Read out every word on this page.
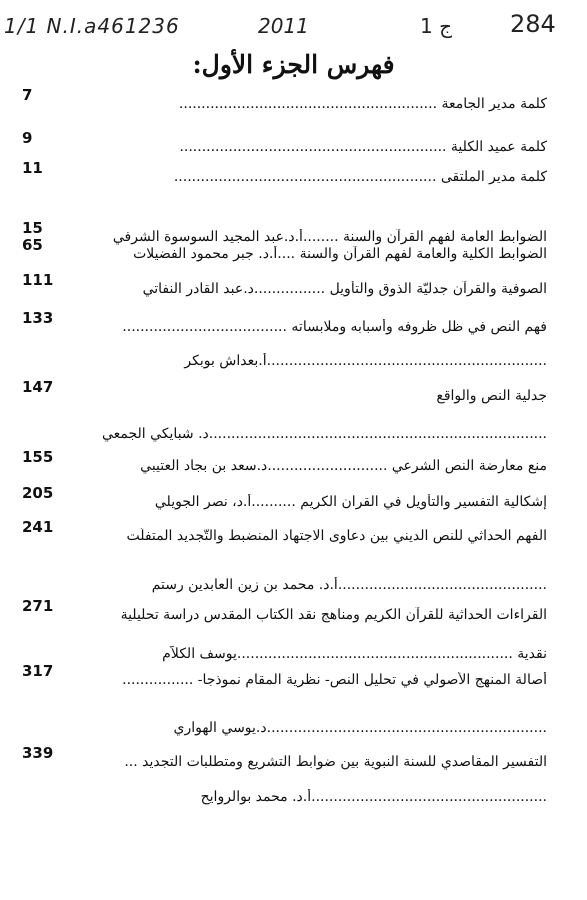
1/1 N.I.a461236	2011	1 ج 284
فهرس الجزء الأول:
7	كلمة مدير الجامعة ..........................................................
9	كلمة عميد الكلية ............................................................
11	كلمة مدير الملتقى ...........................................................
15	الضوابط العامة لفهم القرآن والسنة ........أ.د.عبد المجيد السوسوة الشرفي
65	الضوابط الكلية والعامة لفهم القرآن والسنة ....أ.د. جبر محمود الفضيلات
111	الصوفية والقرآن جدليّة الذوق والتأويل ................د.عبد القادر النفاتي
133	فهم النص في ظل ظروفه وأسبابه وملابساته .....................................
...............................................................أ.بعداش بوبكر
147	جدلية النص والواقع
............................................................................د. شبايكي الجمعي
155	منع معارضة النص الشرعي ...........................د.سعد بن بجاد العتيبي
205	إشكالية التفسير والتأويل في القران الكريم ..........أ.د، نصر الجويلي
241	الفهم الحداثي للنص الديني بين دعاوى الاجتهاد المنضبط والتّجديد المتفلّت
...............................................أ.د. محمد بن زين العابدين رستم
271	القراءات الحداثية للقرآن الكريم ومناهج نقد الكتاب المقدس دراسة تحليلية
نقدية ..............................................................يوسف الكلاّم
317	أصالة المنهج الأصولي في تحليل النص- نظرية المقام نموذجا- ................
...............................................................د.يوسي الهواري
339	التفسير المقاصدي للسنة النبوية بين ضوابط التشريع ومتطلبات التجديد ...
.....................................................أ.د. محمد بوالروايح
